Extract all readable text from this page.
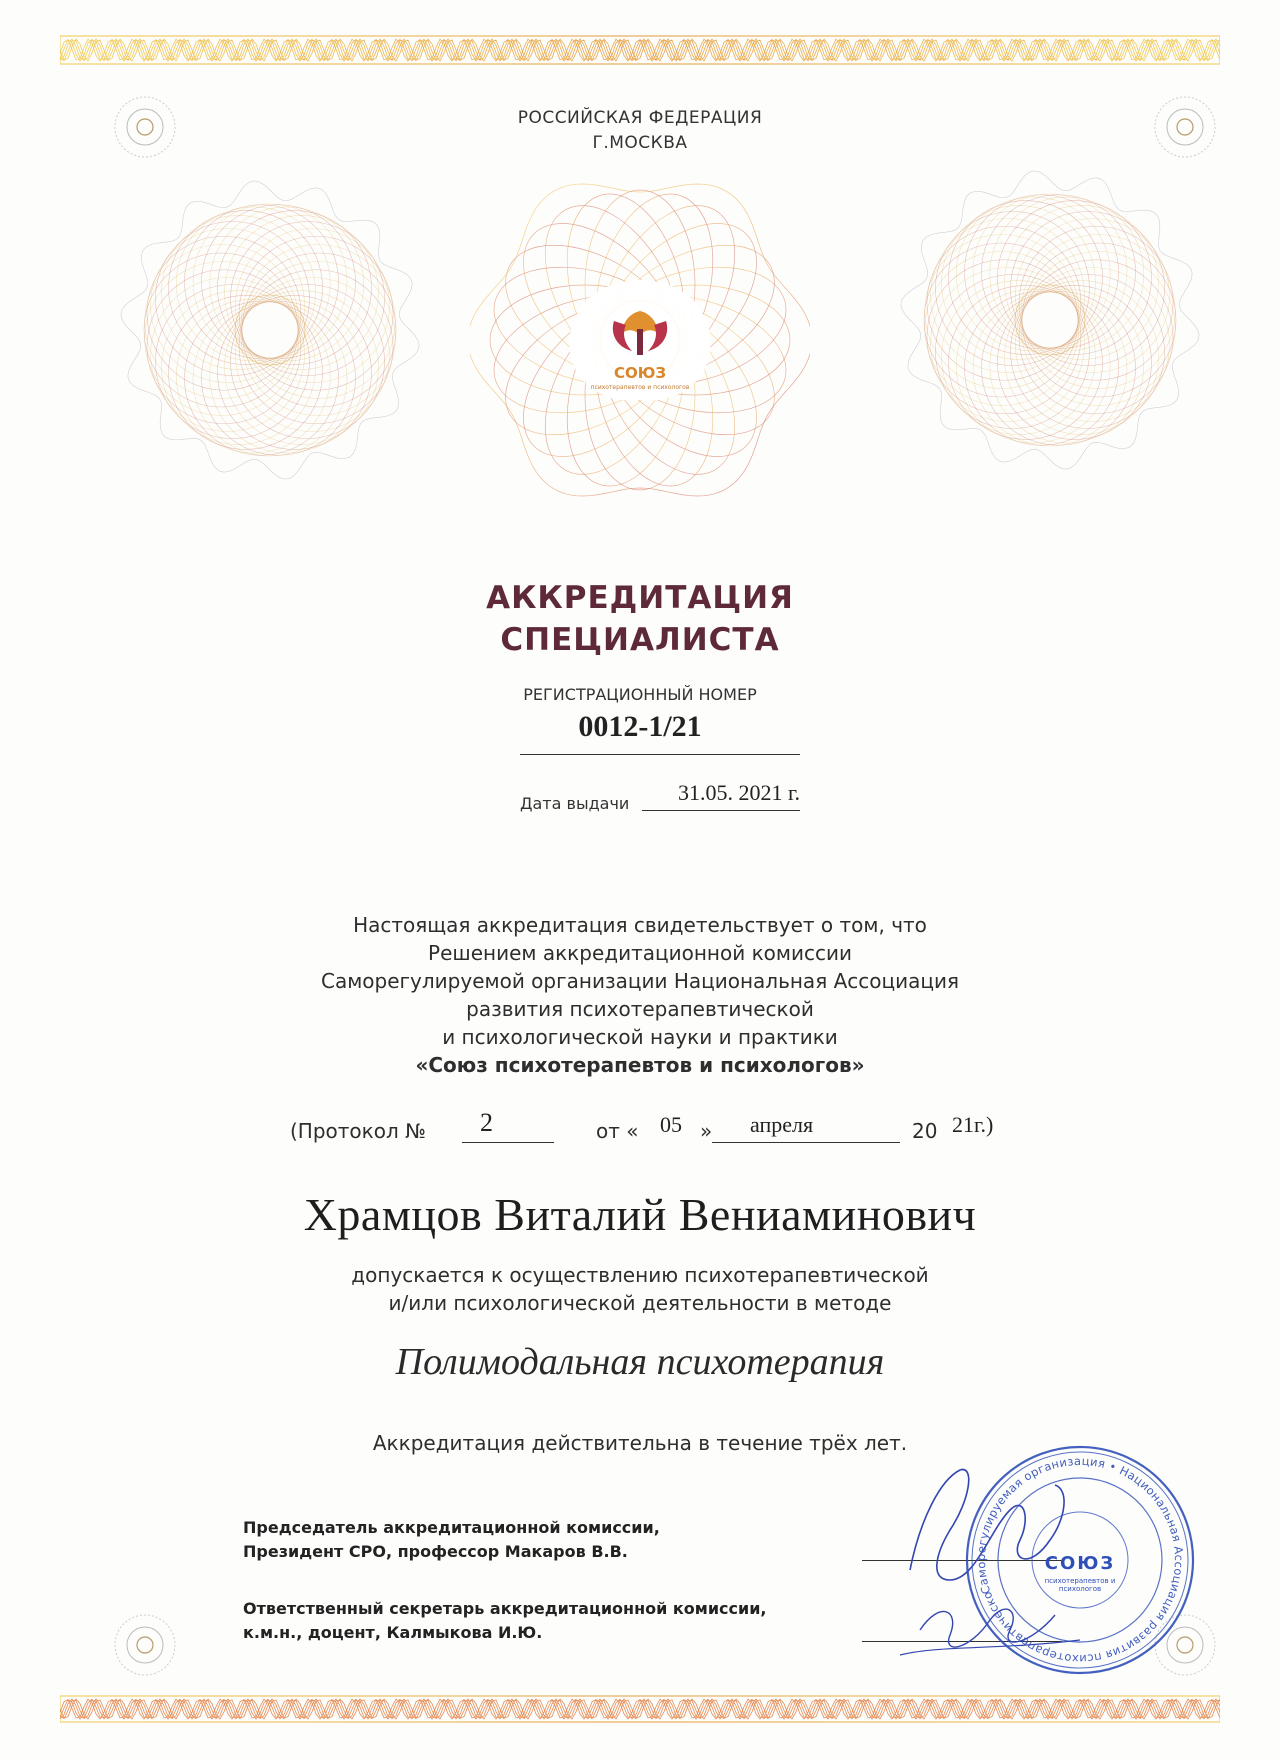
РОССИЙСКАЯ ФЕДЕРАЦИЯ
Г.МОСКВА
СОЮЗ
психотерапевтов и психологов
АККРЕДИТАЦИЯ
СПЕЦИАЛИСТА
РЕГИСТРАЦИОННЫЙ НОМЕР
0012-1/21
Дата выдачи 31.05. 2021 г.
Настоящая аккредитация свидетельствует о том, что
Решением аккредитационной комиссии
Саморегулируемой организации Национальная Ассоциация
развития психотерапевтической
и психологической науки и практики
«Союз психотерапевтов и психологов»
(Протокол № 2	от « 05 » апреля	20 21г.)
Храмцов Виталий Вениаминович
допускается к осуществлению психотерапевтической
и/или психологической деятельности в методе
Полимодальная психотерапия
Аккредитация действительна в течение трёх лет.
Председатель аккредитационной комиссии,
Президент СРО, профессор Макаров В.В.
Ответственный секретарь аккредитационной комиссии,
к.м.н., доцент, Калмыкова И.Ю.
Саморегулируемая организация • Национальная Ассоциация развития психотерапевтической
СОЮЗ
психотерапевтов и психологов
